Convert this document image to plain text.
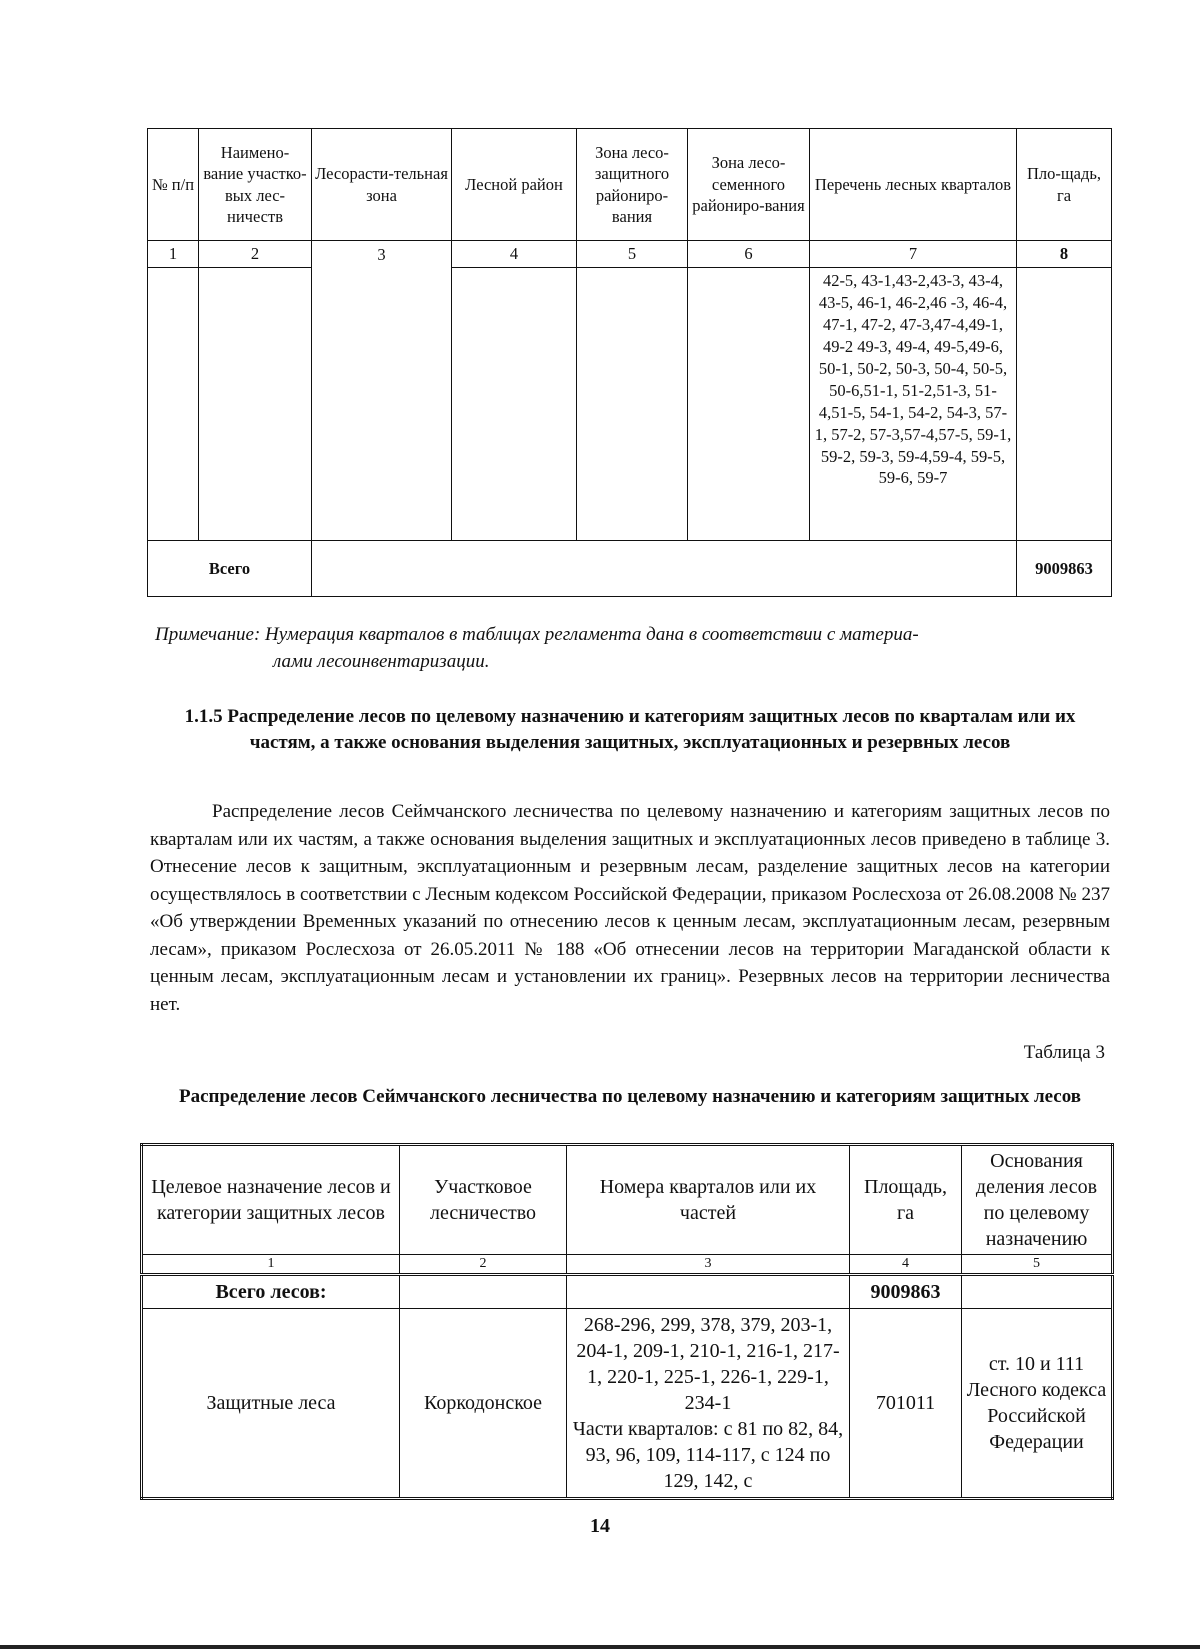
№ п/п	Наимено-вание участко-вых лес-ничеств	Лесорасти-тельная зона	Лесной район	Зона лесо-защитного райониро-вания	Зона лесо-семенного райониро-вания	Перечень лесных кварталов	Пло-щадь, га
1	2	3	4	5	6	7	8
						42-5, 43-1,43-2,43-3, 43-4, 43-5, 46-1, 46-2,46 -3, 46-4, 47-1, 47-2, 47-3,47-4,49-1, 49-2 49-3, 49-4, 49-5,49-6, 50-1, 50-2, 50-3, 50-4, 50-5, 50-6,51-1, 51-2,51-3, 51-4,51-5, 54-1, 54-2, 54-3, 57-1, 57-2, 57-3,57-4,57-5, 59-1, 59-2, 59-3, 59-4,59-4, 59-5, 59-6, 59-7	
Всего							9009863
Примечание: Нумерация кварталов в таблицах регламента дана в соответствии с материа-
лами лесоинвентаризации.
1.1.5 Распределение лесов по целевому назначению и категориям защитных лесов по кварталам или их частям, а также основания выделения защитных, эксплуатационных и резервных лесов
Распределение лесов Сеймчанского лесничества по целевому назначению и категориям защитных лесов по кварталам или их частям, а также основания выделения защитных и эксплуатационных лесов приведено в таблице 3. Отнесение лесов к защитным, эксплуатационным и резервным лесам, разделение защитных лесов на категории осуществлялось в соответствии с Лесным кодексом Российской Федерации, приказом Рослесхоза от 26.08.2008 № 237 «Об утверждении Временных указаний по отнесению лесов к ценным лесам, эксплуатационным лесам, резервным лесам», приказом Рослесхоза от 26.05.2011 № 188 «Об отнесении лесов на территории Магаданской области к ценным лесам, эксплуатационным лесам и установлении их границ». Резервных лесов на территории лесничества нет.
Таблица 3
Распределение лесов Сеймчанского лесничества по целевому назначению и категориям защитных лесов
Целевое назначение лесов и категории защитных лесов	Участковое лесничество	Номера кварталов или их частей	Площадь, га	Основания деления лесов по целевому назначению
1	2	3	4	5
Всего лесов:			9009863	
Защитные леса	Коркодонское	268-296, 299, 378, 379, 203-1, 204-1, 209-1, 210-1, 216-1, 217-1, 220-1, 225-1, 226-1, 229-1, 234-1
Части кварталов: с 81 по 82, 84, 93, 96, 109, 114-117, с 124 по 129, 142, с	701011	ст. 10 и 111 Лесного кодекса Российской Федерации
14
